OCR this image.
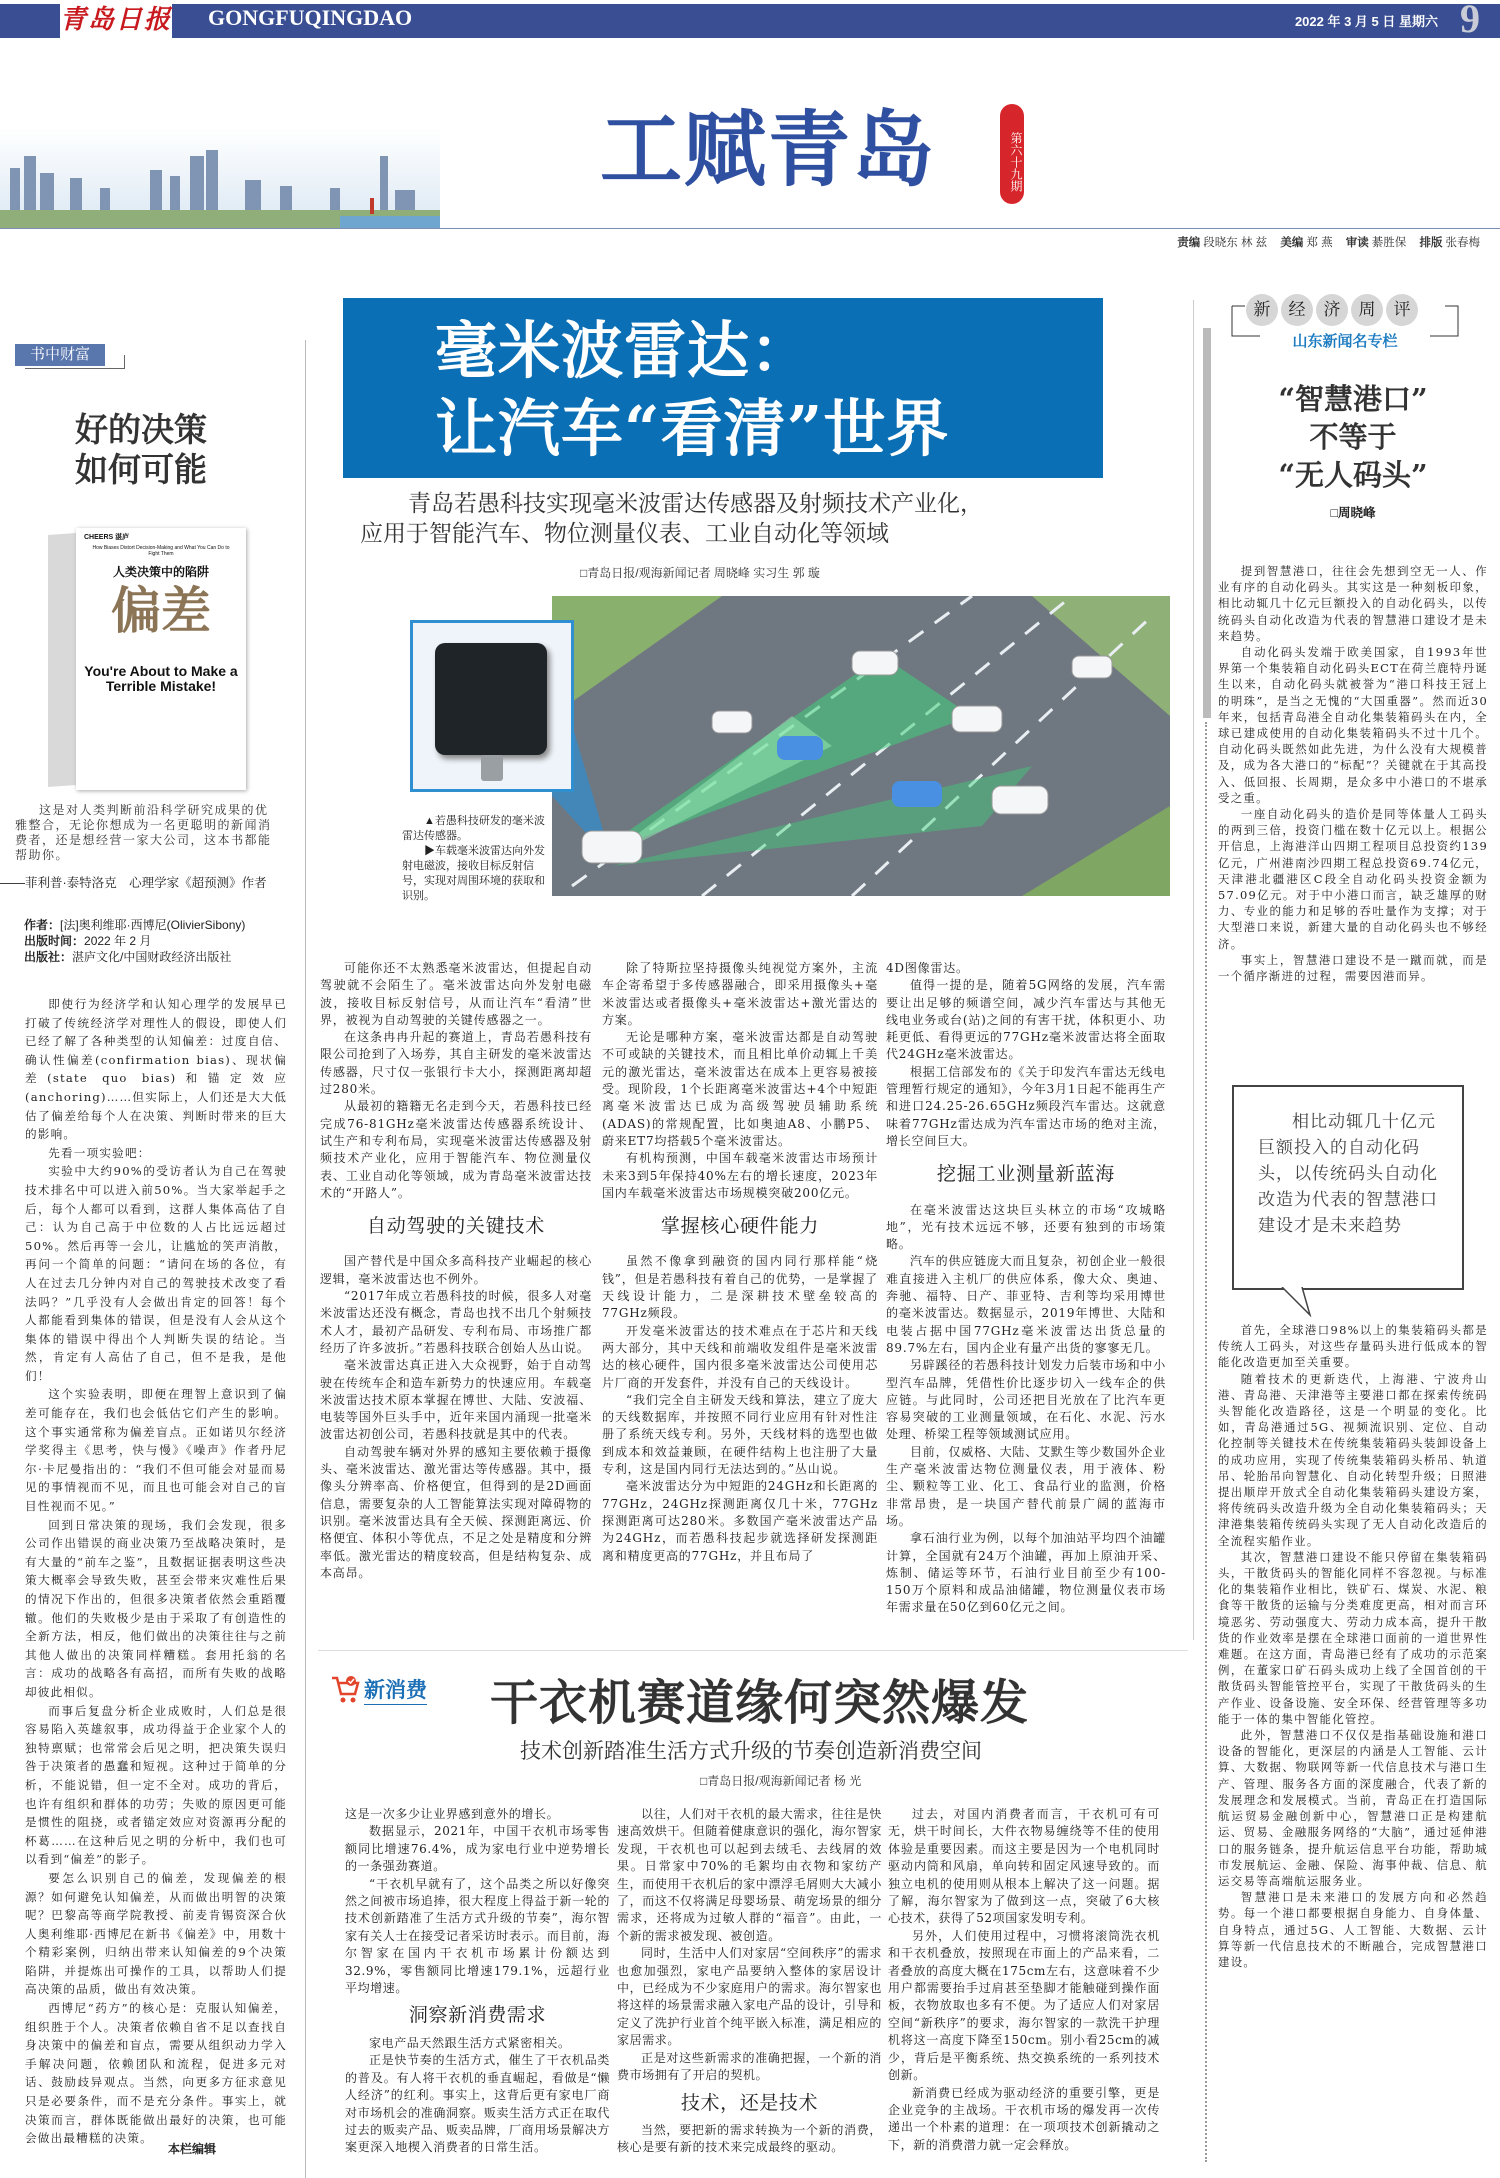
青岛日报 GONGFUQINGDAO	2022 年 3 月 5 日 星期六 9
工赋青岛	第六十九期
责编 段晓东 林 兹 美编 郑 燕 审读 綦胜保 排版 张春梅
书中财富
好的决策
如何可能
CHEERS 湛庐
How Biases Distort Decision-Making and What You Can Do to Fight Them
人类决策中的陷阱
偏差
You're About to Make a Terrible Mistake!
这是对人类判断前沿科学研究成果的优雅整合，无论你想成为一名更聪明的新闻消费者，还是想经营一家大公司，这本书都能帮助你。
——菲利普·泰特洛克　心理学家《超预测》作者
作者：[法]奥利维耶·西博尼(OlivierSibony)
出版时间：2022 年 2 月
出版社：湛庐文化/中国财政经济出版社

即使行为经济学和认知心理学的发展早已打破了传统经济学对理性人的假设，即使人们已经了解了各种类型的认知偏差：过度自信、确认性偏差(confirmation bias)、现状偏差(state quo bias)和锚定效应(anchoring)……但实际上，人们还是大大低估了偏差给每个人在决策、判断时带来的巨大的影响。

先看一项实验吧：

实验中大约90%的受访者认为自己在驾驶技术排名中可以进入前50%。当大家举起手之后，每个人都可以看到，这群人集体高估了自己：认为自己高于中位数的人占比远远超过50%。然后再等一会儿，让尴尬的笑声消散，再问一个简单的问题：“请问在场的各位，有人在过去几分钟内对自己的驾驶技术改变了看法吗？”几乎没有人会做出肯定的回答！每个人都能看到集体的错误，但是没有人会从这个集体的错误中得出个人判断失误的结论。当然，肯定有人高估了自己，但不是我，是他们！

这个实验表明，即便在理智上意识到了偏差可能存在，我们也会低估它们产生的影响。这个事实通常称为偏差盲点。正如诺贝尔经济学奖得主《思考，快与慢》《噪声》作者丹尼尔·卡尼曼指出的：“我们不但可能会对显而易见的事情视而不见，而且也可能会对自己的盲目性视而不见。”

回到日常决策的现场，我们会发现，很多公司作出错误的商业决策乃至战略决策时，是有大量的“前车之鉴”，且数据证据表明这些决策大概率会导致失败，甚至会带来灾难性后果的情况下作出的，但很多决策者依然会重蹈覆辙。他们的失败极少是由于采取了有创造性的全新方法，相反，他们做出的决策往往与之前其他人做出的决策同样糟糕。套用托翁的名言：成功的战略各有高招，而所有失败的战略却彼此相似。

而事后复盘分析企业成败时，人们总是很容易陷入英雄叙事，成功得益于企业家个人的独特禀赋；也常常会后见之明，把决策失误归咎于决策者的愚蠢和短视。这种过于简单的分析，不能说错，但一定不全对。成功的背后，也许有组织和群体的功劳；失败的原因更可能是惯性的阻挠，或者锚定效应对资源再分配的杯葛……在这种后见之明的分析中，我们也可以看到“偏差”的影子。

要怎么识别自己的偏差，发现偏差的根源？如何避免认知偏差，从而做出明智的决策呢？巴黎高等商学院教授、前麦肯锡资深合伙人奥利维耶·西博尼在新书《偏差》中，用数十个精彩案例，归纳出带来认知偏差的9个决策陷阱，并提炼出可操作的工具，以帮助人们提高决策的品质，做出有效决策。

西博尼“药方”的核心是：克服认知偏差，组织胜于个人。决策者依赖自省不足以查找自身决策中的偏差和盲点，需要从组织动力学入手解决问题，依赖团队和流程，促进多元对话、鼓励歧异观点。当然，向更多方征求意见只是必要条件，而不是充分条件。事实上，就决策而言，群体既能做出最好的决策，也可能会做出最糟糕的决策。

本栏编辑
毫米波雷达：
让汽车“看清”世界
青岛若愚科技实现毫米波雷达传感器及射频技术产业化，
应用于智能汽车、物位测量仪表、工业自动化等领域
□青岛日报/观海新闻记者 周晓峰 实习生 郭 璇
▲若愚科技研发的毫米波雷达传感器。
▶车载毫米波雷达向外发射电磁波，接收目标反射信号，实现对周围环境的获取和识别。

可能你还不太熟悉毫米波雷达，但提起自动驾驶就不会陌生了。毫米波雷达向外发射电磁波，接收目标反射信号，从而让汽车“看清”世界，被视为自动驾驶的关键传感器之一。

在这条冉冉升起的赛道上，青岛若愚科技有限公司抢到了入场券，其自主研发的毫米波雷达传感器，尺寸仅一张银行卡大小，探测距离却超过280米。

从最初的籍籍无名走到今天，若愚科技已经完成76-81GHz毫米波雷达传感器系统设计、试生产和专利布局，实现毫米波雷达传感器及射频技术产业化，应用于智能汽车、物位测量仪表、工业自动化等领域，成为青岛毫米波雷达技术的“开路人”。

自动驾驶的关键技术

国产替代是中国众多高科技产业崛起的核心逻辑，毫米波雷达也不例外。

“2017年成立若愚科技的时候，很多人对毫米波雷达还没有概念，青岛也找不出几个射频技术人才，最初产品研发、专利布局、市场推广都经历了许多波折。”若愚科技联合创始人丛山说。

毫米波雷达真正进入大众视野，始于自动驾驶在传统车企和造车新势力的快速应用。车载毫米波雷达技术原本掌握在博世、大陆、安波福、电装等国外巨头手中，近年来国内涌现一批毫米波雷达初创公司，若愚科技就是其中的代表。

自动驾驶车辆对外界的感知主要依赖于摄像头、毫米波雷达、激光雷达等传感器。其中，摄像头分辨率高、价格便宜，但得到的是2D画面信息，需要复杂的人工智能算法实现对障碍物的识别。毫米波雷达具有全天候、探测距离远、价格便宜、体积小等优点，不足之处是精度和分辨率低。激光雷达的精度较高，但是结构复杂、成本高昂。

除了特斯拉坚持摄像头纯视觉方案外，主流车企寄希望于多传感器融合，即采用摄像头+毫米波雷达或者摄像头+毫米波雷达+激光雷达的方案。

无论是哪种方案，毫米波雷达都是自动驾驶不可或缺的关键技术，而且相比单价动辄上千美元的激光雷达，毫米波雷达在成本上更容易被接受。现阶段，1个长距离毫米波雷达+4个中短距离毫米波雷达已成为高级驾驶员辅助系统(ADAS)的常规配置，比如奥迪A8、小鹏P5、蔚来ET7均搭载5个毫米波雷达。

有机构预测，中国车载毫米波雷达市场预计未来3到5年保持40%左右的增长速度，2023年国内车载毫米波雷达市场规模突破200亿元。

掌握核心硬件能力

虽然不像拿到融资的国内同行那样能“烧钱”，但是若愚科技有着自己的优势，一是掌握了天线设计能力，二是深耕技术壁垒较高的77GHz频段。

开发毫米波雷达的技术难点在于芯片和天线两大部分，其中天线和前端收发组件是毫米波雷达的核心硬件，国内很多毫米波雷达公司使用芯片厂商的开发套件，并没有自己的天线设计。

“我们完全自主研发天线和算法，建立了庞大的天线数据库，并按照不同行业应用有针对性注册了系统天线专利。另外，天线材料的选型也做到成本和效益兼顾，在硬件结构上也注册了大量专利，这是国内同行无法达到的。”丛山说。

毫米波雷达分为中短距的24GHz和长距离的77GHz，24GHz探测距离仅几十米，77GHz探测距离可达280米。多数国产毫米波雷达产品为24GHz，而若愚科技起步就选择研发探测距离和精度更高的77GHz，并且布局了

4D图像雷达。

值得一提的是，随着5G网络的发展，汽车需要让出足够的频谱空间，减少汽车雷达与其他无线电业务或台(站)之间的有害干扰，体积更小、功耗更低、看得更远的77GHz毫米波雷达将全面取代24GHz毫米波雷达。

根据工信部发布的《关于印发汽车雷达无线电管理暂行规定的通知》，今年3月1日起不能再生产和进口24.25-26.65GHz频段汽车雷达。这就意味着77GHz雷达成为汽车雷达市场的绝对主流，增长空间巨大。

挖掘工业测量新蓝海

在毫米波雷达这块巨头林立的市场“攻城略地”，光有技术远远不够，还要有独到的市场策略。

汽车的供应链庞大而且复杂，初创企业一般很难直接进入主机厂的供应体系，像大众、奥迪、奔驰、福特、日产、菲亚特、吉利等均采用博世的毫米波雷达。数据显示，2019年博世、大陆和电装占据中国77GHz毫米波雷达出货总量的89.7%左右，国内企业有量产出货的寥寥无几。

另辟蹊径的若愚科技计划发力后装市场和中小型汽车品牌，凭借性价比逐步切入一线车企的供应链。与此同时，公司还把目光放在了比汽车更容易突破的工业测量领域，在石化、水泥、污水处理、桥梁工程等领域测试应用。

目前，仅威格、大陆、艾默生等少数国外企业生产毫米波雷达物位测量仪表，用于液体、粉尘、颗粒等工业、化工、食品行业的监测，价格非常昂贵，是一块国产替代前景广阔的蓝海市场。

拿石油行业为例，以每个加油站平均四个油罐计算，全国就有24万个油罐，再加上原油开采、炼制、储运等环节，石油行业目前至少有100-150万个原料和成品油储罐，物位测量仪表市场年需求量在50亿到60亿元之间。

新	经	济	周	评
山东新闻名专栏
“智慧港口”
不等于
“无人码头”
□周晓峰

提到智慧港口，往往会先想到空无一人、作业有序的自动化码头。其实这是一种刻板印象，相比动辄几十亿元巨额投入的自动化码头，以传统码头自动化改造为代表的智慧港口建设才是未来趋势。

自动化码头发端于欧美国家，自1993年世界第一个集装箱自动化码头ECT在荷兰鹿特丹诞生以来，自动化码头就被誉为“港口科技王冠上的明珠”，是当之无愧的“大国重器”。然而近30年来，包括青岛港全自动化集装箱码头在内，全球已建成使用的自动化集装箱码头不过十几个。自动化码头既然如此先进，为什么没有大规模普及，成为各大港口的“标配”？关键就在于其高投入、低回报、长周期，是众多中小港口的不堪承受之重。

一座自动化码头的造价是同等体量人工码头的两到三倍，投资门槛在数十亿元以上。根据公开信息，上海港洋山四期工程项目总投资约139亿元，广州港南沙四期工程总投资69.74亿元，天津港北疆港区C段全自动化码头投资金额为57.09亿元。对于中小港口而言，缺乏雄厚的财力、专业的能力和足够的吞吐量作为支撑；对于大型港口来说，新建大量的自动化码头也不够经济。

事实上，智慧港口建设不是一蹴而就，而是一个循序渐进的过程，需要因港而异。

相比动辄几十亿元巨额投入的自动化码头，以传统码头自动化改造为代表的智慧港口建设才是未来趋势

首先，全球港口98%以上的集装箱码头都是传统人工码头，对这些存量码头进行低成本的智能化改造更加至关重要。

随着技术的更新迭代，上海港、宁波舟山港、青岛港、天津港等主要港口都在探索传统码头智能化改造路径，这是一个明显的变化。比如，青岛港通过5G、视频流识别、定位、自动化控制等关键技术在传统集装箱码头装卸设备上的成功应用，实现了传统集装箱码头桥吊、轨道吊、轮胎吊向智慧化、自动化转型升级；日照港提出顺岸开放式全自动化集装箱码头建设方案，将传统码头改造升级为全自动化集装箱码头；天津港集装箱传统码头实现了无人自动化改造后的全流程实船作业。

其次，智慧港口建设不能只停留在集装箱码头，干散货码头的智能化同样不容忽视。与标准化的集装箱作业相比，铁矿石、煤炭、水泥、粮食等干散货的运输与分类难度更高，相对而言环境恶劣、劳动强度大、劳动力成本高，提升干散货的作业效率是摆在全球港口面前的一道世界性难题。在这方面，青岛港已经有了成功的示范案例，在董家口矿石码头成功上线了全国首创的干散货码头智能管控平台，实现了干散货码头的生产作业、设备设施、安全环保、经营管理等多功能于一体的集中智能化管控。

此外，智慧港口不仅仅是指基础设施和港口设备的智能化，更深层的内涵是人工智能、云计算、大数据、物联网等新一代信息技术与港口生产、管理、服务各方面的深度融合，代表了新的发展理念和发展模式。当前，青岛正在打造国际航运贸易金融创新中心，智慧港口正是构建航运、贸易、金融服务网络的“大脑”，通过延伸港口的服务链条，提升航运信息平台功能，帮助城市发展航运、金融、保险、海事仲裁、信息、航运交易等高端航运服务业。

智慧港口是未来港口的发展方向和必然趋势。每一个港口都要根据自身能力、自身体量、自身特点，通过5G、人工智能、大数据、云计算等新一代信息技术的不断融合，完成智慧港口建设。

新消费 干衣机赛道缘何突然爆发
技术创新踏准生活方式升级的节奏创造新消费空间
□青岛日报/观海新闻记者 杨 光

这是一次多少让业界感到意外的增长。

数据显示，2021年，中国干衣机市场零售额同比增速76.4%，成为家电行业中逆势增长的一条强劲赛道。

“干衣机早就有了，这个品类之所以好像突然之间被市场追捧，很大程度上得益于新一轮的技术创新踏准了生活方式升级的节奏”，海尔智家有关人士在接受记者采访时表示。而目前，海尔智家在国内干衣机市场累计份额达到32.9%，零售额同比增速179.1%，远超行业平均增速。

洞察新消费需求

家电产品天然跟生活方式紧密相关。

正是快节奏的生活方式，催生了干衣机品类的普及。有人将干衣机的垂直崛起，看做是“懒人经济”的红利。事实上，这背后更有家电厂商对市场机会的准确洞察。贩卖生活方式正在取代过去的贩卖产品、贩卖品牌，厂商用场景解决方案更深入地楔入消费者的日常生活。

以往，人们对干衣机的最大需求，往往是快速高效烘干。但随着健康意识的强化，海尔智家发现，干衣机也可以起到去绒毛、去线屑的效果。日常家中70%的毛絮均由衣物和家纺产生，而使用干衣机后的家中漂浮毛屑则大大减小了，而这不仅将满足母婴场景、萌宠场景的细分需求，还将成为过敏人群的“福音”。由此，一个新的需求被发现、被创造。

同时，生活中人们对家居“空间秩序”的需求也愈加强烈，家电产品要纳入整体的家居设计中，已经成为不少家庭用户的需求。海尔智家也将这样的场景需求融入家电产品的设计，引导和定义了洗护行业首个纯平嵌入标准，满足相应的家居需求。

正是对这些新需求的准确把握，一个新的消费市场拥有了开启的契机。

技术，还是技术

当然，要把新的需求转换为一个新的消费，核心是要有新的技术来完成最终的驱动。

过去，对国内消费者而言，干衣机可有可无，烘干时间长，大件衣物易缠绕等不佳的使用体验是重要因素。而这主要是因为一个电机同时驱动内筒和风扇，单向转和固定风速导致的。而独立电机的使用则从根本上解决了这一问题。据了解，海尔智家为了做到这一点，突破了6大核心技术，获得了52项国家发明专利。

另外，人们使用过程中，习惯将滚筒洗衣机和干衣机叠放，按照现在市面上的产品来看，二者叠放的高度大概在175cm左右，这意味着不少用户都需要抬手过肩甚至垫脚才能触碰到操作面板，衣物放取也多有不便。为了适应人们对家居空间“新秩序”的要求，海尔智家的一款洗干护理机将这一高度下降至150cm。别小看25cm的减少，背后是平衡系统、热交换系统的一系列技术创新。

新消费已经成为驱动经济的重要引擎，更是企业竞争的主战场。干衣机市场的爆发再一次传递出一个朴素的道理：在一项项技术创新撬动之下，新的消费潜力就一定会释放。
